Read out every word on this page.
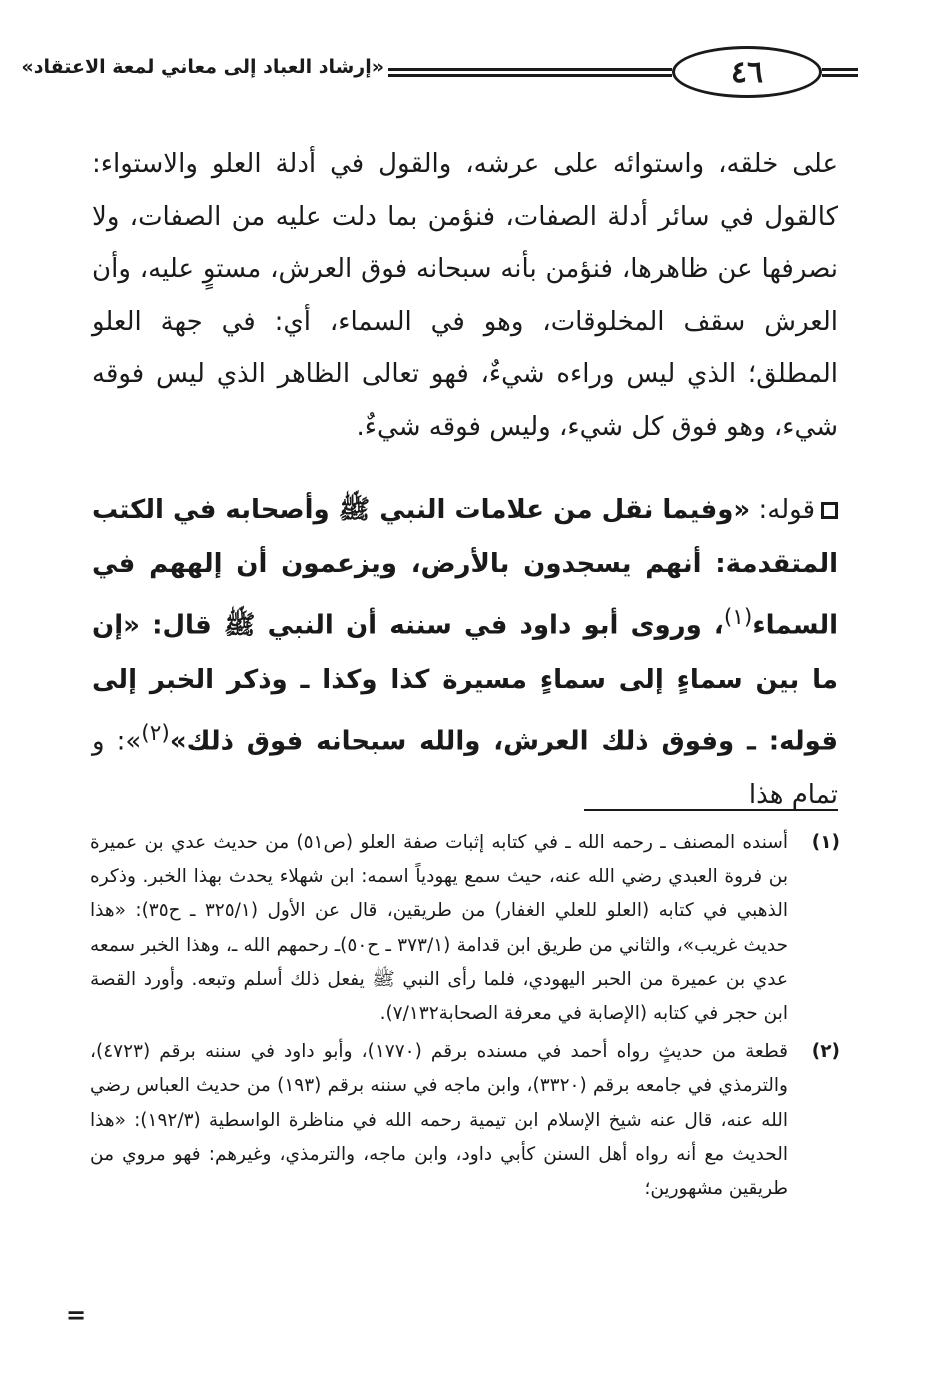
«إرشاد العباد إلى معاني لمعة الاعتقاد»	٤٦

على خلقه، واستوائه على عرشه، والقول في أدلة العلو والاستواء: كالقول في سائر أدلة الصفات، فنؤمن بما دلت عليه من الصفات، ولا نصرفها عن ظاهرها، فنؤمن بأنه سبحانه فوق العرش، مستوٍ عليه، وأن العرش سقف المخلوقات، وهو في السماء، أي: في جهة العلو المطلق؛ الذي ليس وراءه شيءٌ، فهو تعالى الظاهر الذي ليس فوقه شيء، وهو فوق كل شيء، وليس فوقه شيءٌ.

قوله: «وفيما نقل من علامات النبي ﷺ وأصحابه في الكتب المتقدمة: أنهم يسجدون بالأرض، ويزعمون أن إلههم في السماء$^{(١)}$، وروى أبو داود في سننه أن النبي ﷺ قال: «إن ما بين سماءٍ إلى سماءٍ مسيرة كذا وكذا ـ وذكر الخبر إلى قوله: ـ وفوق ذلك العرش، والله سبحانه فوق ذلك»$^{(٢)}$»: و تمام هذا

(١)
أسنده المصنف ـ رحمه الله ـ في كتابه إثبات صفة العلو (ص٥١) من حديث عدي بن عميرة بن فروة العبدي رضي الله عنه، حيث سمع يهودياً اسمه: ابن شهلاء يحدث بهذا الخبر. وذكره الذهبي في كتابه (العلو للعلي الغفار) من طريقين، قال عن الأول (٣٢٥/١ ـ ح٣٥): «هذا حديث غريب»، والثاني من طريق ابن قدامة (٣٧٣/١ ـ ح٥٠)ـ رحمهم الله ـ، وهذا الخبر سمعه عدي بن عميرة من الحبر اليهودي، فلما رأى النبي ﷺ يفعل ذلك أسلم وتبعه. وأورد القصة ابن حجر في كتابه (الإصابة في معرفة الصحابة٧/١٣٢).
(٢)
قطعة من حديثٍ رواه أحمد في مسنده برقم (١٧٧٠)، وأبو داود في سننه برقم (٤٧٢٣)، والترمذي في جامعه برقم (٣٣٢٠)، وابن ماجه في سننه برقم (١٩٣) من حديث العباس رضي الله عنه، قال عنه شيخ الإسلام ابن تيمية رحمه الله في مناظرة الواسطية (١٩٢/٣): «هذا الحديث مع أنه رواه أهل السنن كأبي داود، وابن ماجه، والترمذي، وغيرهم: فهو مروي من طريقين مشهورين؛
=
